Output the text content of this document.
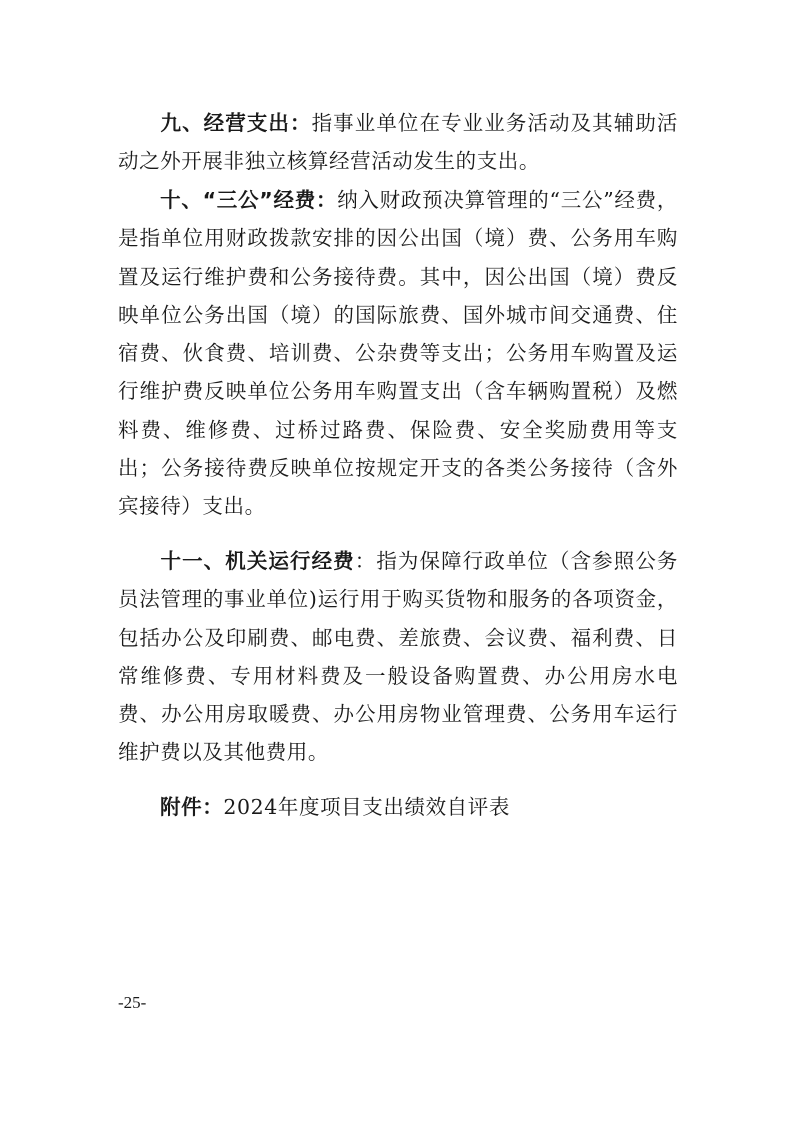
九、经营支出：指事业单位在专业业务活动及其辅助活动之外开展非独立核算经营活动发生的支出。

十、“三公”经费：纳入财政预决算管理的“三公”经费，是指单位用财政拨款安排的因公出国（境）费、公务用车购置及运行维护费和公务接待费。其中，因公出国（境）费反映单位公务出国（境）的国际旅费、国外城市间交通费、住宿费、伙食费、培训费、公杂费等支出；公务用车购置及运行维护费反映单位公务用车购置支出（含车辆购置税）及燃料费、维修费、过桥过路费、保险费、安全奖励费用等支出；公务接待费反映单位按规定开支的各类公务接待（含外宾接待）支出。

十一、机关运行经费：指为保障行政单位（含参照公务员法管理的事业单位)运行用于购买货物和服务的各项资金，包括办公及印刷费、邮电费、差旅费、会议费、福利费、日常维修费、专用材料费及一般设备购置费、办公用房水电费、办公用房取暖费、办公用房物业管理费、公务用车运行维护费以及其他费用。

附件：2024年度项目支出绩效自评表

-25-
